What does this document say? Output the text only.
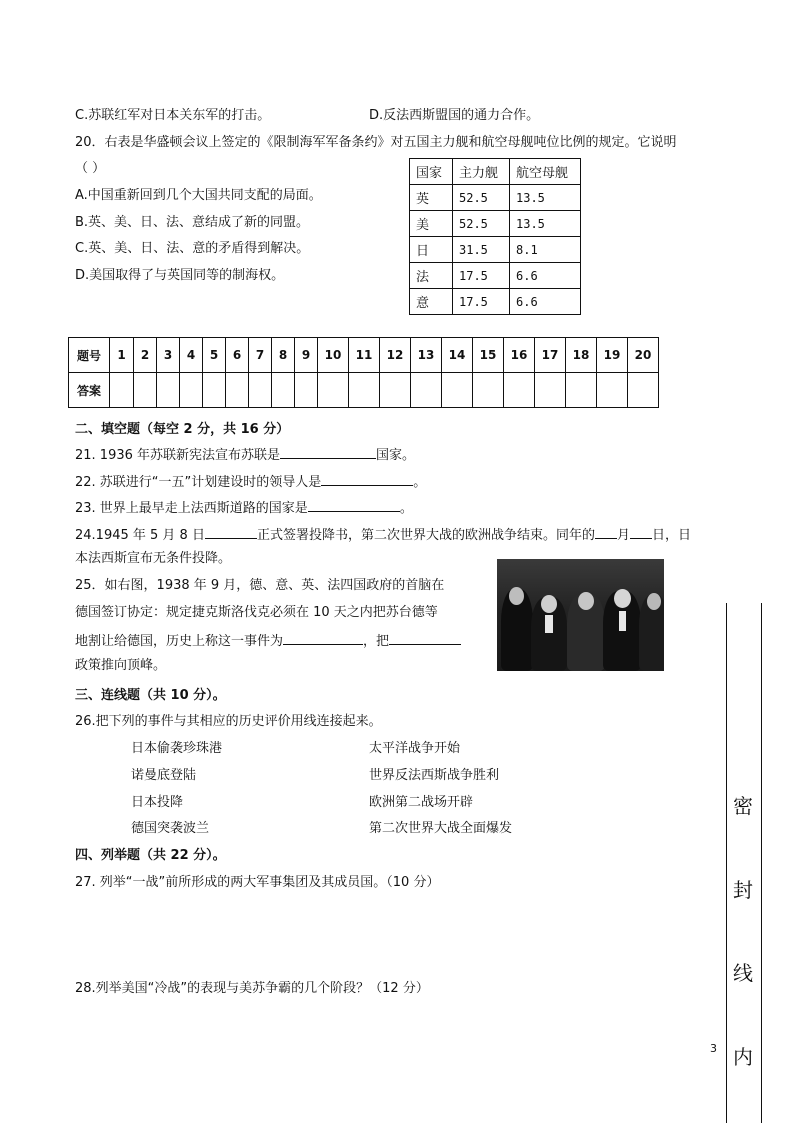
C.苏联红军对日本关东军的打击。	D.反法西斯盟国的通力合作。
20．右表是华盛顿会议上签定的《限制海军军备条约》对五国主力舰和航空母舰吨位比例的规定。它说明
（ ）
A.中国重新回到几个大国共同支配的局面。
B.英、美、日、法、意结成了新的同盟。
C.英、美、日、法、意的矛盾得到解决。
D.美国取得了与英国同等的制海权。
国家	主力舰	航空母舰
英	52.5	13.5
美	52.5	13.5
日	31.5	8.1
法	17.5	6.6
意	17.5	6.6
题号	1	2	3	4	5	6	7	8	9	10	11	12	13	14	15	16	17	18	19	20
答案																				
二、填空题（每空 2 分，共 16 分）
21. 1936 年苏联新宪法宣布苏联是	国家。
22. 苏联进行“一五”计划建设时的领导人是	。
23. 世界上最早走上法西斯道路的国家是	。
24.1945 年 5 月 8 日	正式签署投降书，第二次世界大战的欧洲战争结束。同年的 月 日，日
本法西斯宣布无条件投降。
25．如右图，1938 年 9 月，德、意、英、法四国政府的首脑在
德国签订协定：规定捷克斯洛伐克必须在 10 天之内把苏台德等
地割让给德国，历史上称这一事件为	，把
政策推向顶峰。
三、连线题（共 10 分）。
26.把下列的事件与其相应的历史评价用线连接起来。
日本偷袭珍珠港
诺曼底登陆
日本投降
德国突袭波兰
太平洋战争开始
世界反法西斯战争胜利
欧洲第二战场开辟
第二次世界大战全面爆发
四、列举题（共 22 分）。
27. 列举“一战”前所形成的两大军事集团及其成员国。（10 分）
28.列举美国“冷战”的表现与美苏争霸的几个阶段？（12 分）
密
封
线
内
3
